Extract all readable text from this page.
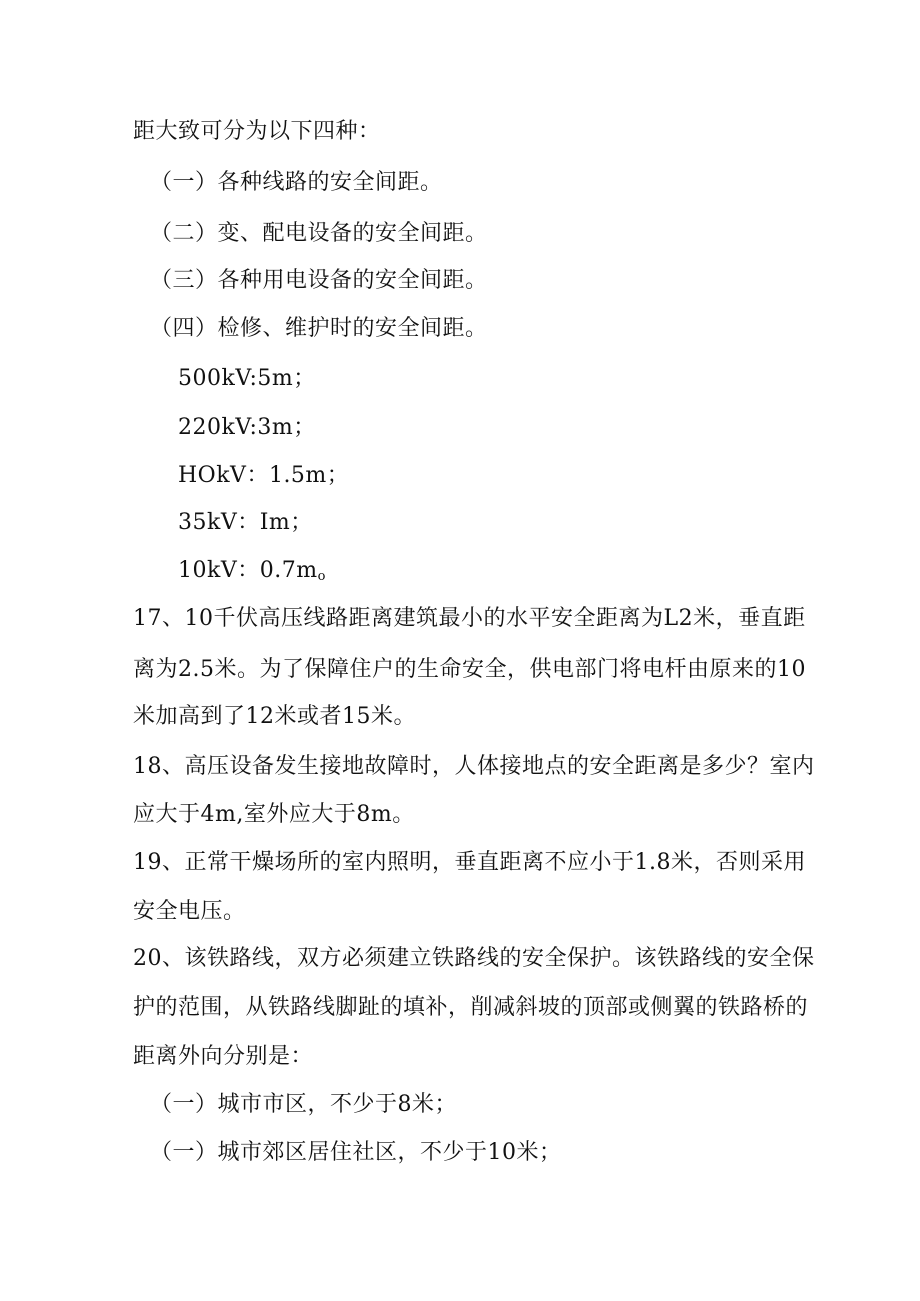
距大致可分为以下四种：
（一）各种线路的安全间距。
（二）变、配电设备的安全间距。
（三）各种用电设备的安全间距。
（四）检修、维护时的安全间距。
500kV:5m；
220kV:3m；
HOkV：1.5m；
35kV：Im；
10kV：$0.7m_o$
17、10千伏高压线路距离建筑最小的水平安全距离为L2米，垂直距
离为2.5米。为了保障住户的生命安全，供电部门将电杆由原来的10
米加高到了12米或者15米。
18、高压设备发生接地故障时，人体接地点的安全距离是多少？室内
应大于4m,室外应大于8m。
19、正常干燥场所的室内照明，垂直距离不应小于1.8米，否则采用
安全电压。
20、该铁路线，双方必须建立铁路线的安全保护。该铁路线的安全保
护的范围，从铁路线脚趾的填补，削减斜坡的顶部或侧翼的铁路桥的
距离外向分别是：
（一）城市市区，不少于8米；
（一）城市郊区居住社区，不少于10米；
